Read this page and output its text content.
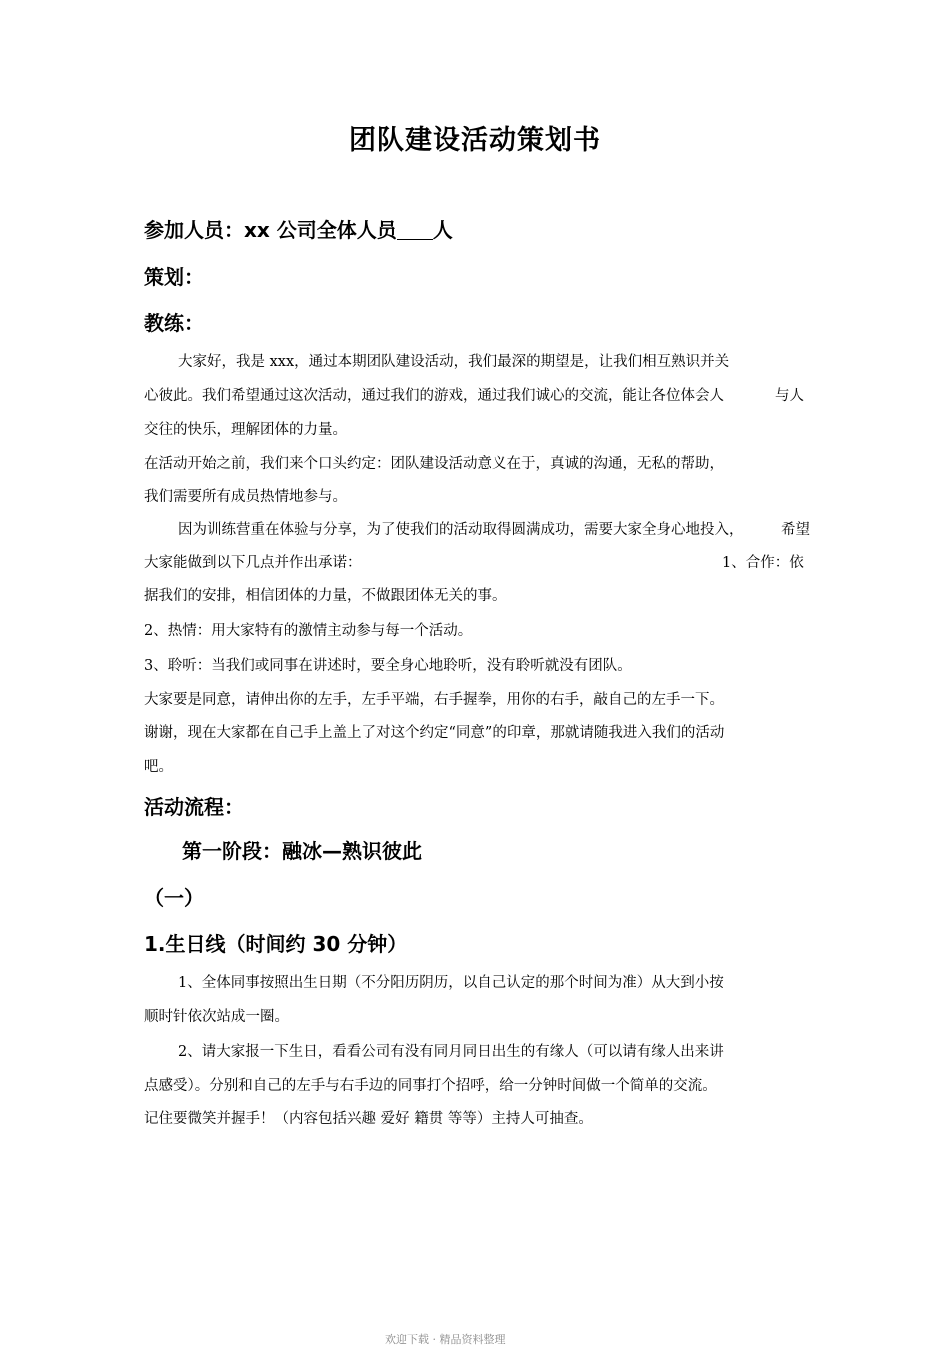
团队建设活动策划书
参加人员：xx 公司全体人员 人
策划：
教练：
大家好，我是 xxx，通过本期团队建设活动，我们最深的期望是，让我们相互熟识并关
心彼此。我们希望通过这次活动，通过我们的游戏，通过我们诚心的交流，能让各位体会人	与人
交往的快乐，理解团体的力量。
在活动开始之前，我们来个口头约定：团队建设活动意义在于，真诚的沟通，无私的帮助，
我们需要所有成员热情地参与。
因为训练营重在体验与分享，为了使我们的活动取得圆满成功，需要大家全身心地投入，	希望
大家能做到以下几点并作出承诺：	1、合作：依
据我们的安排，相信团体的力量，不做跟团体无关的事。
2、热情：用大家特有的激情主动参与每一个活动。
3、聆听：当我们或同事在讲述时，要全身心地聆听，没有聆听就没有团队。
大家要是同意，请伸出你的左手，左手平端，右手握拳，用你的右手，敲自己的左手一下。
谢谢，现在大家都在自己手上盖上了对这个约定“同意”的印章，那就请随我进入我们的活动
吧。
活动流程：
第一阶段：融冰—熟识彼此
（一）
1.生日线（时间约 30 分钟）
1、全体同事按照出生日期（不分阳历阴历，以自己认定的那个时间为准）从大到小按
顺时针依次站成一圈。
2、请大家报一下生日，看看公司有没有同月同日出生的有缘人（可以请有缘人出来讲
点感受）。分别和自己的左手与右手边的同事打个招呼，给一分钟时间做一个简单的交流。
记住要微笑并握手！（内容包括兴趣 爱好 籍贯 等等）主持人可抽查。
欢迎下载 · 精品资料整理
